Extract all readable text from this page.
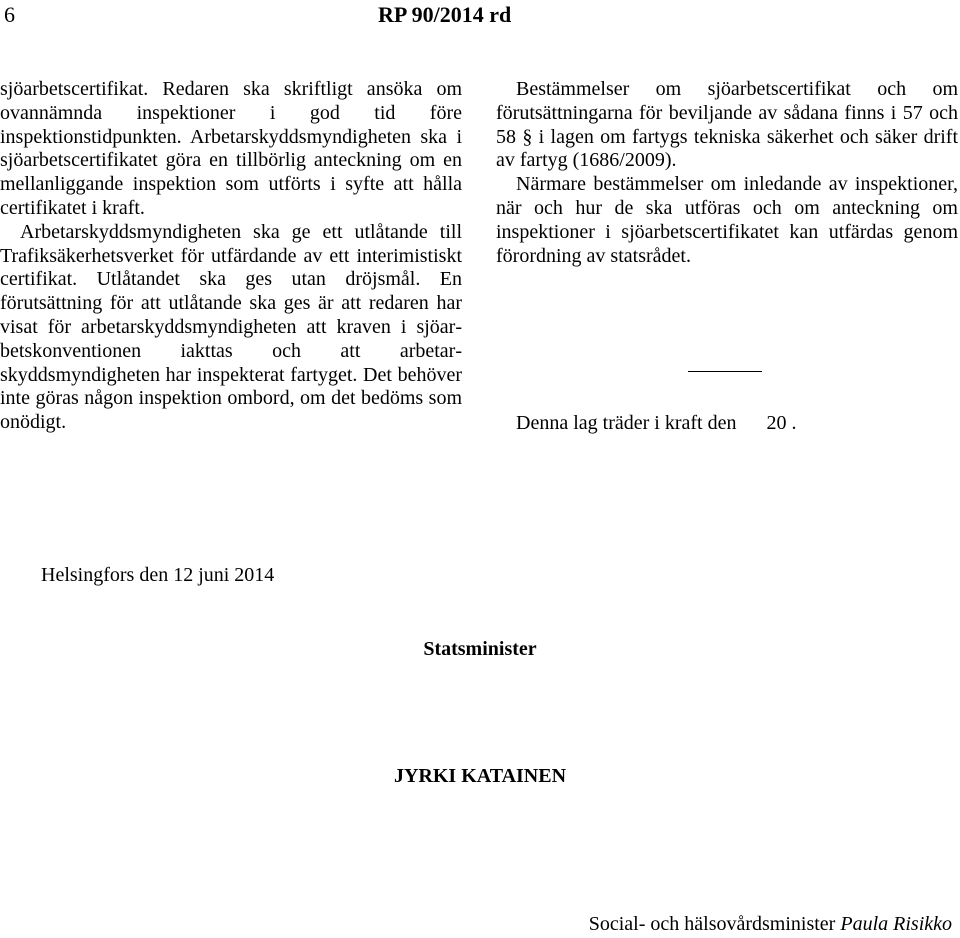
6	RP 90/2014 rd

sjöarbetscertifikat. Redaren ska skriftligt ansöka om ovannämnda inspektioner i god tid före inspektionstidpunkten. Arbetarskyddsmyndigheten ska i sjöarbetscertifikatet göra en tillbörlig anteckning om en mellanliggande inspektion som utförts i syfte att hålla certifikatet i kraft.

Arbetarskyddsmyndigheten ska ge ett utlåtande till Trafiksäkerhetsverket för utfärdande av ett interimistiskt certifikat. Utlåtandet ska ges utan dröjsmål. En förutsättning för att utlåtande ska ges är att redaren har visat för arbetarskyddsmyndigheten att kraven i sjöarbetskonventionen iakttas och att arbetarskyddsmyndigheten har inspekterat fartyget. Det behöver inte göras någon inspektion ombord, om det bedöms som onödigt.

Bestämmelser om sjöarbetscertifikat och om förutsättningarna för beviljande av sådana finns i 57 och 58 § i lagen om fartygs tekniska säkerhet och säker drift av fartyg (1686/2009).

Närmare bestämmelser om inledande av inspektioner, när och hur de ska utföras och om anteckning om inspektioner i sjöarbetscertifikatet kan utfärdas genom förordning av statsrådet.

Denna lag träder i kraft den      20 .
Helsingfors den 12 juni 2014
Statsminister
JYRKI KATAINEN
Social- och hälsovårdsminister Paula Risikko
